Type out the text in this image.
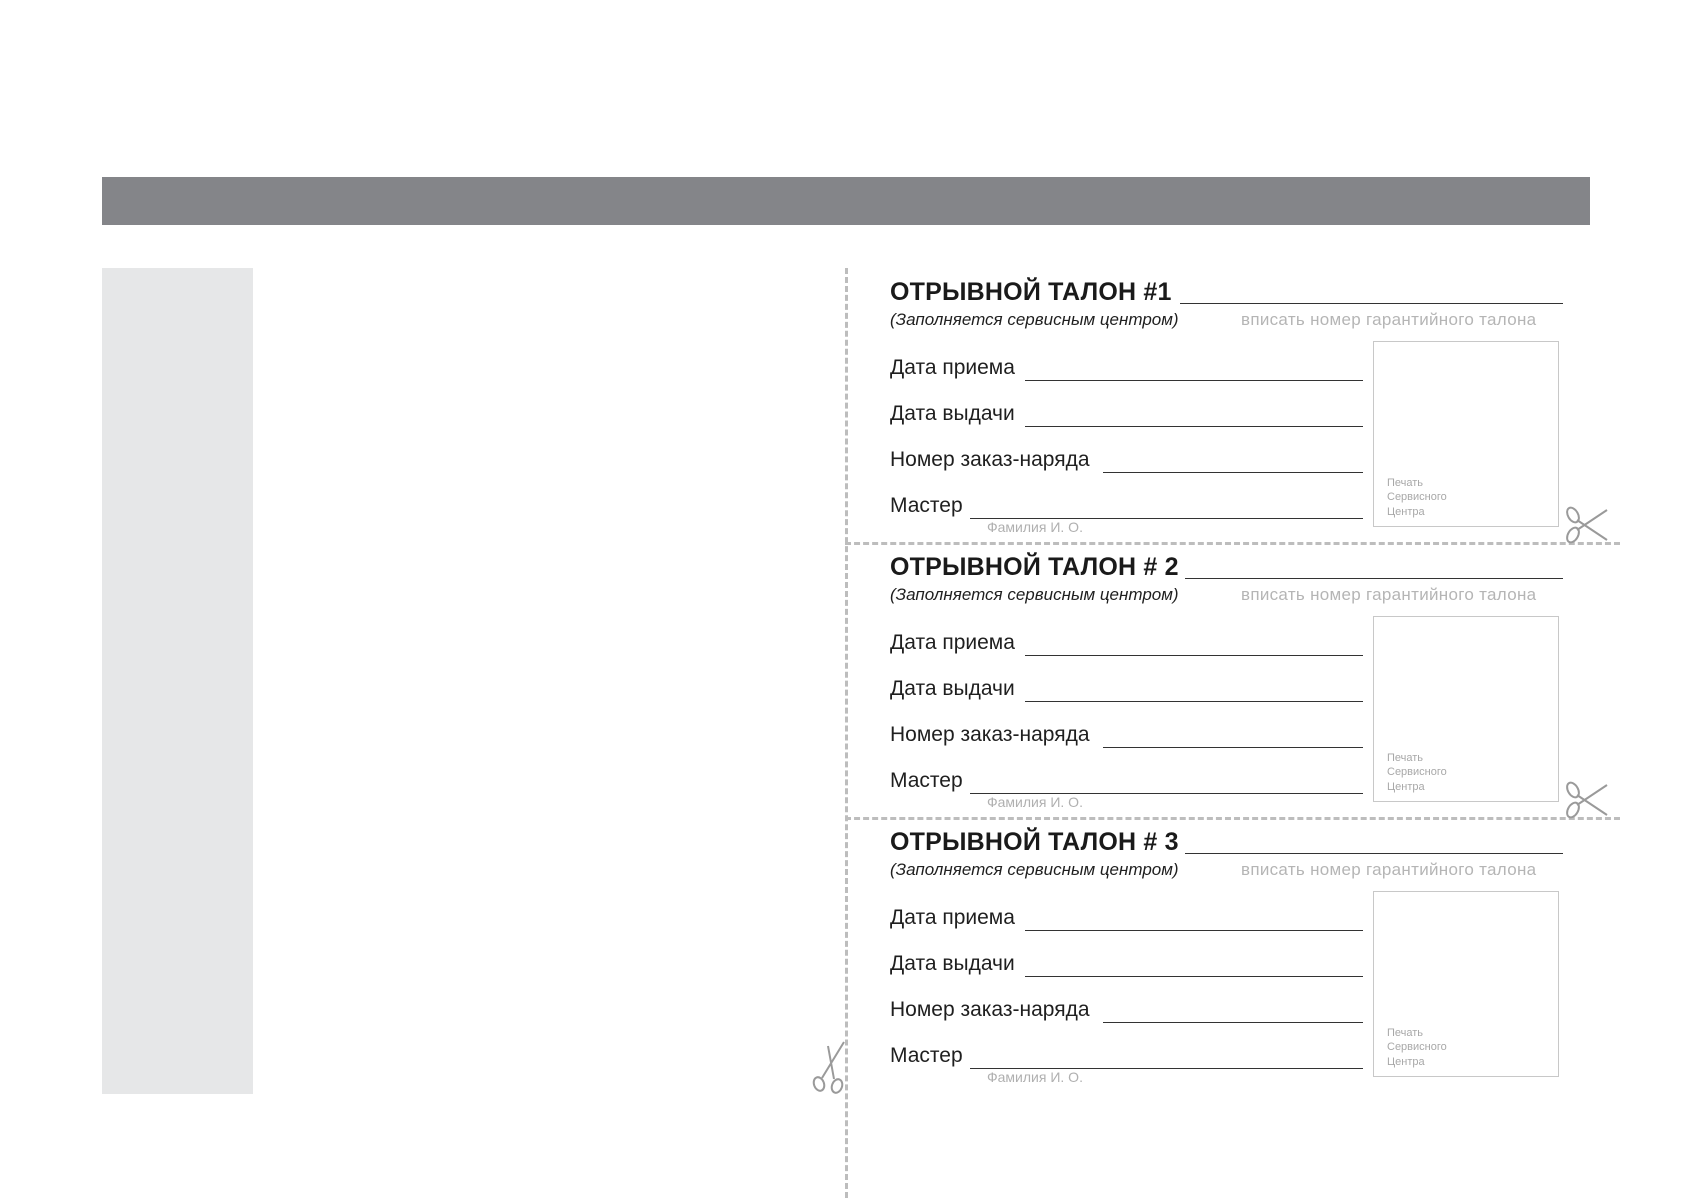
ОТРЫВНОЙ ТАЛОН #1
(Заполняется сервисным центром)	вписать номер гарантийного талона
Дата приема
Дата выдачи
Номер заказ-наряда
Мастер
Фамилия И. О.
Печать
Сервисного
Центра
ОТРЫВНОЙ ТАЛОН # 2
(Заполняется сервисным центром)	вписать номер гарантийного талона
Дата приема
Дата выдачи
Номер заказ-наряда
Мастер
Фамилия И. О.
Печать
Сервисного
Центра
ОТРЫВНОЙ ТАЛОН # 3
(Заполняется сервисным центром)	вписать номер гарантийного талона
Дата приема
Дата выдачи
Номер заказ-наряда
Мастер
Фамилия И. О.
Печать
Сервисного
Центра
